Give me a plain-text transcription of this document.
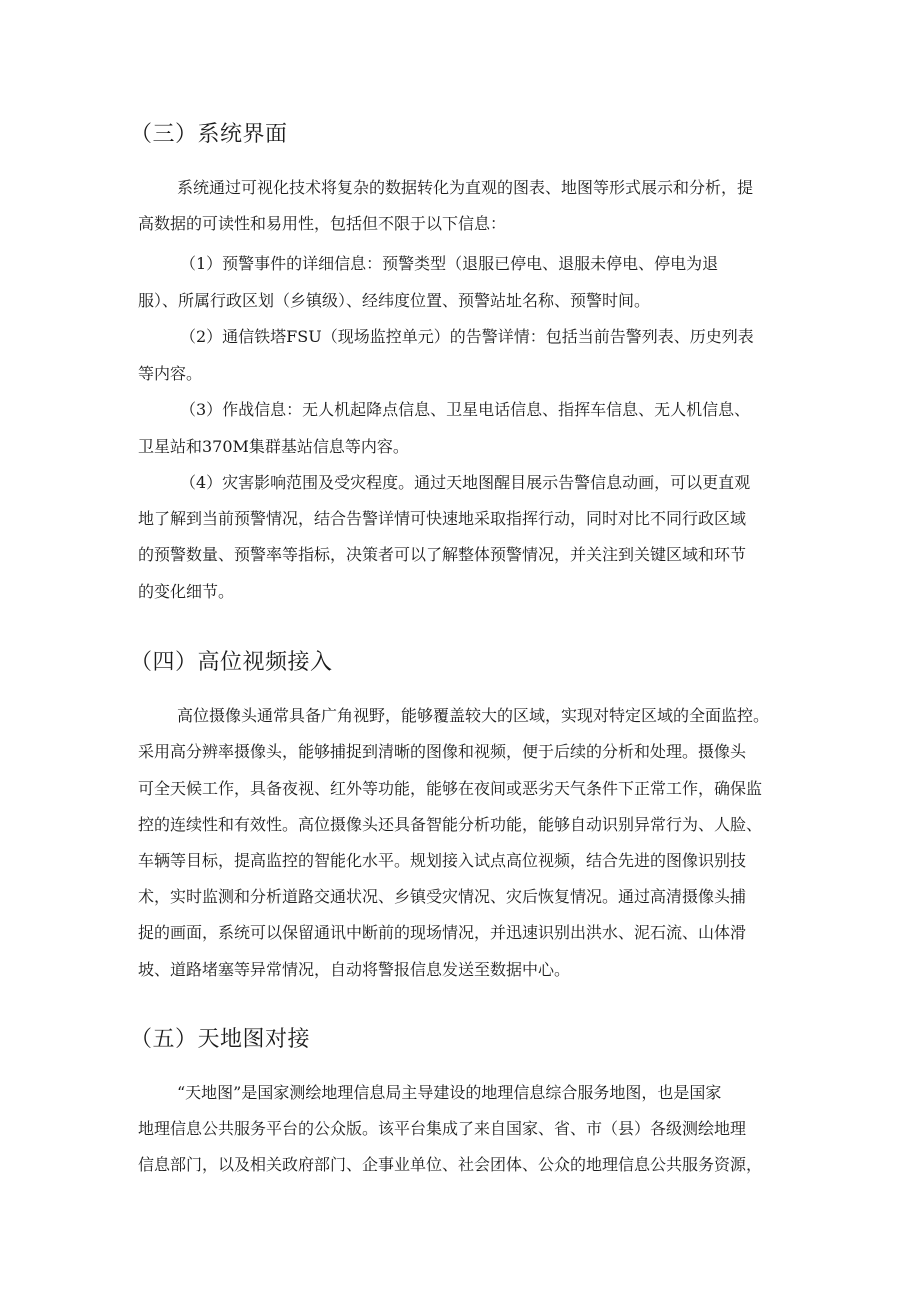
（三）系统界面

系统通过可视化技术将复杂的数据转化为直观的图表、地图等形式展示和分析，提

高数据的可读性和易用性，包括但不限于以下信息：

（1）预警事件的详细信息：预警类型（退服已停电、退服未停电、停电为退

服）、所属行政区划（乡镇级）、经纬度位置、预警站址名称、预警时间。

（2）通信铁塔FSU（现场监控单元）的告警详情：包括当前告警列表、历史列表

等内容。

（3）作战信息：无人机起降点信息、卫星电话信息、指挥车信息、无人机信息、

卫星站和370M集群基站信息等内容。

（4）灾害影响范围及受灾程度。通过天地图醒目展示告警信息动画，可以更直观

地了解到当前预警情况，结合告警详情可快速地采取指挥行动，同时对比不同行政区域

的预警数量、预警率等指标，决策者可以了解整体预警情况，并关注到关键区域和环节

的变化细节。

（四）高位视频接入

高位摄像头通常具备广角视野，能够覆盖较大的区域，实现对特定区域的全面监控。

采用高分辨率摄像头，能够捕捉到清晰的图像和视频，便于后续的分析和处理。摄像头

可全天候工作，具备夜视、红外等功能，能够在夜间或恶劣天气条件下正常工作，确保监

控的连续性和有效性。高位摄像头还具备智能分析功能，能够自动识别异常行为、人脸、

车辆等目标，提高监控的智能化水平。规划接入试点高位视频，结合先进的图像识别技

术，实时监测和分析道路交通状况、乡镇受灾情况、灾后恢复情况。通过高清摄像头捕

捉的画面，系统可以保留通讯中断前的现场情况，并迅速识别出洪水、泥石流、山体滑

坡、道路堵塞等异常情况，自动将警报信息发送至数据中心。

（五）天地图对接

“天地图”是国家测绘地理信息局主导建设的地理信息综合服务地图，也是国家

地理信息公共服务平台的公众版。该平台集成了来自国家、省、市（县）各级测绘地理

信息部门，以及相关政府部门、企事业单位、社会团体、公众的地理信息公共服务资源，
